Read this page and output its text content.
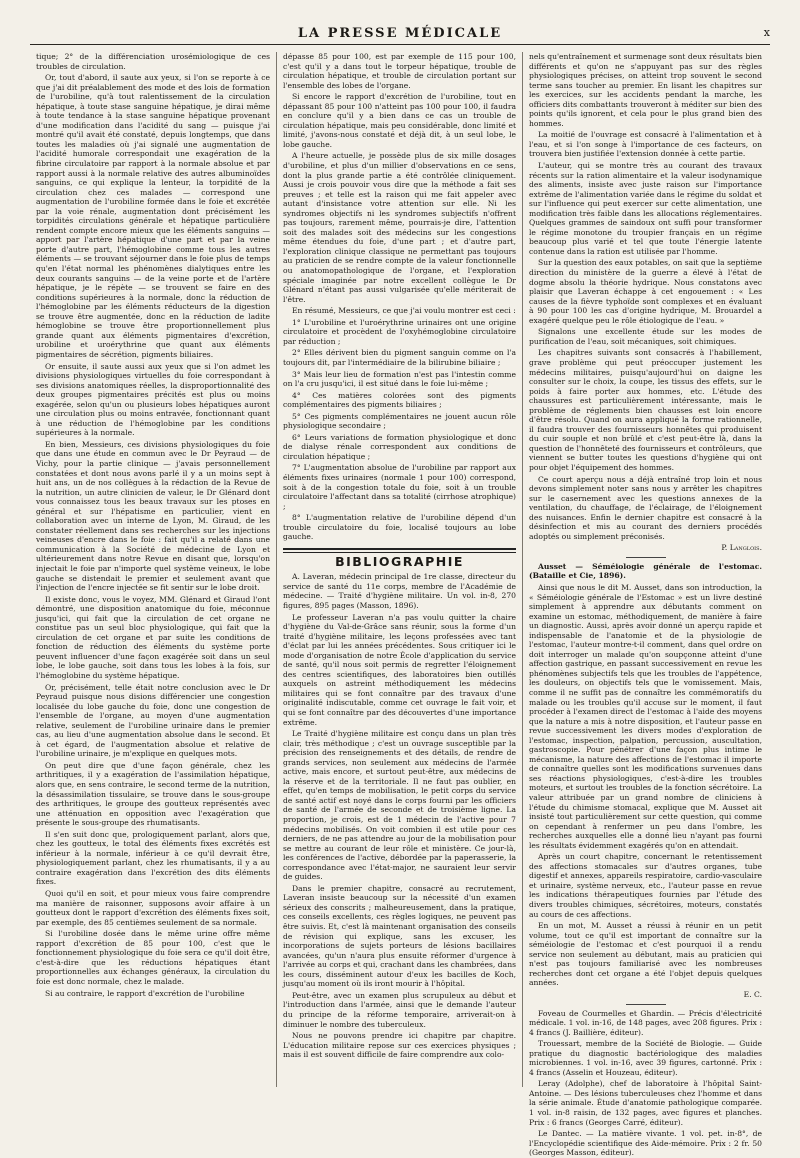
LA PRESSE MÉDICALE	x

tique; 2° de la différenciation urosémiologique de ces troubles de circulation.

Or, tout d'abord, il saute aux yeux, si l'on se reporte à ce que j'ai dit préalablement des mode et des lois de formation de l'urobiline, qu'à tout ralentissement de la circulation hépatique, à toute stase sanguine hépatique, je dirai même à toute tendance à la stase sanguine hépatique provenant d'une modification dans l'acidité du sang — puisque j'ai montré qu'il avait été constaté, depuis longtemps, que dans toutes les maladies où j'ai signalé une augmentation de l'acidité humorale correspondait une exagération de la fibrine circulatoire par rapport à la normale absolue et par rapport aussi à la normale relative des autres albuminoïdes sanguins, ce qui explique la lenteur, la torpidité de la circulation chez ces malades — correspond une augmentation de l'urobiline formée dans le foie et excrétée par la voie rénale, augmentation dont précisément les torpidités circulations générale et hépatique particulière rendent compte encore mieux que les éléments sanguins — apport par l'artère hépatique d'une part et par la veine porte d'autre part, l'hémoglobine comme tous les autres éléments — se trouvant séjourner dans le foie plus de temps qu'en l'état normal les phénomènes dialytiques entre les deux courants sanguins — de la veine porte et de l'artère hépatique, je le répète — se trouvent se faire en des conditions supérieures à la normale, donc la réduction de l'hémoglobine par les éléments réducteurs de la digestion se trouve être augmentée, donc en la réduction de ladite hémoglobine se trouve être proportionnellement plus grande quant aux éléments pigmentaires d'excrétion, urobiline et uroérythrine que quant aux éléments pigmentaires de sécrétion, pigments biliaires.

Or ensuite, il saute aussi aux yeux que si l'on admet les divisions physiologiques virtuelles du foie correspondant à ses divisions anatomiques réelles, la disproportionnalité des deux groupes pigmentaires précités est plus ou moins exagérée, selon qu'un ou plusieurs lobes hépatiques auront une circulation plus ou moins entravée, fonctionnant quant à une réduction de l'hémoglobine par les conditions supérieures à la normale.

En bien, Messieurs, ces divisions physiologiques du foie que dans une étude en commun avec le Dr Peyraud — de Vichy, pour la partie clinique — j'avais personnellement constatées et dont nous avons parlé il y a un moins sept à huit ans, un de nos collègues à la rédaction de la Revue de la nutrition, un autre clinicien de valeur, le Dr Glénard dont vous connaissez tous les beaux travaux sur les ptoses en général et sur l'hépatisme en particulier, vient en collaboration avec un interne de Lyon, M. Giraud, de les constater réellement dans ses recherches sur les injections veineuses d'encre dans le foie : fait qu'il a relaté dans une communication à la Société de médecine de Lyon et ultérieurement dans notre Revue en disant que, lorsqu'on injectait le foie par n'importe quel système veineux, le lobe gauche se distendait le premier et seulement avant que l'injection de l'encre injectée se fit sentir sur le lobe droit.

Il existe donc, vous le voyez, MM. Glénard et Giraud l'ont démontré, une disposition anatomique du foie, méconnue jusqu'ici, qui fait que la circulation de cet organe ne constitue pas un seul bloc physiologique, qui fait que la circulation de cet organe et par suite les conditions de fonction de réduction des éléments du système porte peuvent influencer d'une façon exagérée soit dans un seul lobe, le lobe gauche, soit dans tous les lobes à la fois, sur l'hémoglobine du système hépatique.

Or, précisément, telle était notre conclusion avec le Dr Peyraud puisque nous disions différencier une congestion localisée du lobe gauche du foie, donc une congestion de l'ensemble de l'organe, au moyen d'une augmentation relative, seulement de l'urobiline urinaire dans le premier cas, au lieu d'une augmentation absolue dans le second. Et à cet égard, de l'augmentation absolue et relative de l'urobiline urinaire, je m'explique en quelques mots.

On peut dire que d'une façon générale, chez les arthritiques, il y a exagération de l'assimilation hépatique, alors que, en sens contraire, le second terme de la nutrition, la désassimilation tissulaire, se trouve dans le sous-groupe des arthritiques, le groupe des goutteux représentés avec une atténuation en opposition avec l'exagération que présente le sous-groupe des rhumatisants.

Il s'en suit donc que, prologiquement parlant, alors que, chez les goutteux, le total des éléments fixes excrétés est inférieur à la normale, inférieur à ce qu'il devrait être, physiologiquement parlant, chez les rhumatisants, il y a au contraire exagération dans l'excrétion des dits éléments fixes.

Quoi qu'il en soit, et pour mieux vous faire comprendre ma manière de raisonner, supposons avoir affaire à un goutteux dont le rapport d'excrétion des éléments fixes soit, par exemple, des 85 centièmes seulement de sa normale.

Si l'urobiline dosée dans le même urine offre même rapport d'excrétion de 85 pour 100, c'est que le fonctionnement physiologique du foie sera ce qu'il doit être, c'est-à-dire que les réductions hépatiques étant proportionnelles aux échanges généraux, la circulation du foie est donc normale, chez le malade.

Si au contraire, le rapport d'excrétion de l'urobiline

dépasse 85 pour 100, est par exemple de 115 pour 100, c'est qu'il y a dans tout le torpeur hépatique, trouble de circulation hépatique, et trouble de circulation portant sur l'ensemble des lobes de l'organe.

Si encore le rapport d'excrétion de l'urobiline, tout en dépassant 85 pour 100 n'atteint pas 100 pour 100, il faudra en conclure qu'il y a bien dans ce cas un trouble de circulation hépatique, mais peu considérable, donc limité et limité, j'avons-nous constaté et déjà dit, à un seul lobe, le lobe gauche.

A l'heure actuelle, je possède plus de six mille dosages d'urobiline, et plus d'un millier d'observations en ce sens, dont la plus grande partie a été contrôlée cliniquement. Aussi je crois pouvoir vous dire que la méthode a fait ses preuves ; et telle est la raison qui me fait appeler avec autant d'insistance votre attention sur elle. Ni les syndromes objectifs ni les syndromes subjectifs n'offrent pas toujours, rarement même, pourrais-je dire, l'attention soit des malades soit des médecins sur les congestions même étendues du foie, d'une part ; et d'autre part, l'exploration clinique classique ne permettant pas toujours au praticien de se rendre compte de la valeur fonctionnelle ou anatomopathologique de l'organe, et l'exploration spéciale imaginée par notre excellent collègue le Dr Glénard n'étant pas aussi vulgarisée qu'elle mériterait de l'être.

En résumé, Messieurs, ce que j'ai voulu montrer est ceci :

1° L'urobiline et l'uroérythrine urinaires ont une origine circulatoire et procèdent de l'oxyhémoglobine circulatoire par réduction ;

2° Elles dérivent bien du pigment sanguin comme on l'a toujours dit, par l'intermédiaire de la bilirubine biliaire ;

3° Mais leur lieu de formation n'est pas l'intestin comme on l'a cru jusqu'ici, il est situé dans le foie lui-même ;

4° Ces matières colorées sont des pigments complémentaires des pigments biliaires ;

5° Ces pigments complémentaires ne jouent aucun rôle physiologique secondaire ;

6° Leurs variations de formation physiologique et donc de dialyse rénale correspondent aux conditions de circulation hépatique ;

7° L'augmentation absolue de l'urobiline par rapport aux éléments fixes urinaires (normale 1 pour 100) correspond, soit à de la congestion totale du foie, soit à un trouble circulatoire l'affectant dans sa totalité (cirrhose atrophique) ;

8° L'augmentation relative de l'urobiline dépend d'un trouble circulatoire du foie, localisé toujours au lobe gauche.

BIBLIOGRAPHIE

A. Laveran, médecin principal de 1re classe, directeur du service de santé du 11e corps, membre de l'Académie de médecine. — Traité d'hygiène militaire. Un vol. in-8, 270 figures, 895 pages (Masson, 1896).

Le professeur Laveran n'a pas voulu quitter la chaire d'hygiène du Val-de-Grâce sans réunir, sous la forme d'un traité d'hygiène militaire, les leçons professées avec tant d'éclat par lui les années précédentes. Sous critiquer ici le mode d'organisation de notre École d'application du service de santé, qu'il nous soit permis de regretter l'éloignement des centres scientifiques, des laboratoires bien outillés auxquels on astreint méthodiquement les médecins militaires qui se font connaître par des travaux d'une originalité indiscutable, comme cet ouvrage le fait voir, et qui se font connaître par des découvertes d'une importance extrême.

Le Traité d'hygiène militaire est conçu dans un plan très clair, très méthodique ; c'est un ouvrage susceptible par la précision des renseignements et des détails, de rendre de grands services, non seulement aux médecins de l'armée active, mais encore, et surtout peut-être, aux médecins de la réserve et de la territoriale. Il ne faut pas oublier, en effet, qu'en temps de mobilisation, le petit corps du service de santé actif est noyé dans le corps fourni par les officiers de santé de l'armée de seconde et de troisième ligne. La proportion, je crois, est de 1 médecin de l'active pour 7 médecins mobilisés. On voit combien il est utile pour ces derniers, de ne pas attendre au jour de la mobilisation pour se mettre au courant de leur rôle et ministère. Ce jour-là, les conférences de l'active, débordée par la paperasserie, la correspondance avec l'état-major, ne sauraient leur servir de guides.

Dans le premier chapitre, consacré au recrutement, Laveran insiste beaucoup sur la nécessité d'un examen sérieux des conscrits ; malheureusement, dans la pratique, ces conseils excellents, ces règles logiques, ne peuvent pas être suivis. Et, c'est là maintenant organisation des conseils de révision qui explique, sans les excuser, les incorporations de sujets porteurs de lésions bacillaires avancées, qu'un n'aura plus ensuite réformer d'urgence à l'arrivée au corps et qui, crachant dans les chambrées, dans les cours, disséminent autour d'eux les bacilles de Koch, jusqu'au moment où ils iront mourir à l'hôpital.

Peut-être, avec un examen plus scrupuleux au début et l'introduction dans l'armée, ainsi que le demande l'auteur du principe de la réforme temporaire, arriverait-on à diminuer le nombre des tuberculeux.

Nous ne pouvons prendre ici chapitre par chapitre. L'éducation militaire repose sur ces exercices physiques ; mais il est souvent difficile de faire comprendre aux colo-

nels qu'entraînement et surmenage sont deux résultats bien différents et qu'on ne s'appuyant pas sur des règles physiologiques précises, on atteint trop souvent le second terme sans toucher au premier. En lisant les chapitres sur les exercices, sur les accidents pendant la marche, les officiers dits combattants trouveront à méditer sur bien des points qu'ils ignorent, et cela pour le plus grand bien des hommes.

La moitié de l'ouvrage est consacré à l'alimentation et à l'eau, et si l'on songe à l'importance de ces facteurs, on trouvera bien justifiée l'extension donnée à cette partie.

L'auteur, qui se montre très au courant des travaux récents sur la ration alimentaire et la valeur isodynamique des aliments, insiste avec juste raison sur l'importance extrême de l'alimentation variée dans le régime du soldat et sur l'influence qui peut exercer sur cette alimentation, une modification très faible dans les allocations réglementaires. Quelques grammes de saindoux ont suffi pour transformer le régime monotone du troupier français en un régime beaucoup plus varié et tel que toute l'énergie latente contenue dans la ration est utilisée par l'homme.

Sur la question des eaux potables, on sait que la septième direction du ministère de la guerre a élevé à l'état de dogme absolu la théorie hydrique. Nous constatons avec plaisir que Laveran échappe à cet engouement : « Les causes de la fièvre typhoïde sont complexes et en évaluant à 90 pour 100 les cas d'origine hydrique, M. Brouardel a exagéré quelque peu le rôle étiologique de l'eau. »

Signalons une excellente étude sur les modes de purification de l'eau, soit mécaniques, soit chimiques.

Les chapitres suivants sont consacrés à l'habillement, grave problème qui peut préoccuper justement les médecins militaires, puisqu'aujourd'hui on daigne les consulter sur le choix, la coupe, les tissus des effets, sur le poids à faire porter aux hommes, etc. L'étude des chaussures est particulièrement intéressante, mais le problème de réglements bien chausses est loin encore d'être résolu. Quand on aura appliqué la forme rationnelle, il faudra trouver des fournisseurs honnêtes qui produisent du cuir souple et non brûlé et c'est peut-être là, dans la question de l'honnêteté des fournisseurs et contrôleurs, que viennent se butter toutes les questions d'hygiène qui ont pour objet l'équipement des hommes.

Ce court aperçu nous a déjà entraîné trop loin et nous devons simplement noter sans nous y arrêter les chapitres sur le casernement avec les questions annexes de la ventilation, du chauffage, de l'éclairage, de l'éloignement des nuisances. Enfin le dernier chapitre est consacré à la désinfection et mis au courant des derniers procédés adoptés ou simplement préconisés.

P. Langlois.

Ausset — Séméiologie générale de l'estomac. (Bataille et Cie, 1896).

Ainsi que nous le dit M. Ausset, dans son introduction, la « Séméiologie générale de l'Estomac » est un livre destiné simplement à apprendre aux débutants comment on examine un estomac, méthodiquement, de manière à faire un diagnostic. Aussi, après avoir donné un aperçu rapide et indispensable de l'anatomie et de la physiologie de l'estomac, l'auteur montre-t-il comment, dans quel ordre on doit interroger un malade qu'on soupçonne atteint d'une affection gastrique, en passant successivement en revue les phénomènes subjectifs tels que les troubles de l'appétence, les douleurs, on objectifs tels que le vomissement. Mais, comme il ne suffit pas de connaître les commémoratifs du malade ou les troubles qu'il accuse sur le moment, il faut procéder à l'examen direct de l'estomac à l'aide des moyens que la nature a mis à notre disposition, et l'auteur passe en revue successivement les divers modes d'exploration de l'estomac, inspection, palpation, percussion, auscultation, gastroscopie. Pour pénétrer d'une façon plus intime le mécanisme, la nature des affections de l'estomac il importe de connaître quelles sont les modifications survenues dans ses réactions physiologiques, c'est-à-dire les troubles moteurs, et surtout les troubles de la fonction sécrétoire. La valeur attribuée par un grand nombre de cliniciens à l'étude du chimisme stomacal, explique que M. Ausset ait insisté tout particulièrement sur cette question, qui comme on cependant à renfermer un peu dans l'ombre, les recherches auxquelles elle a donné lieu n'ayant pas fourni les résultats évidemment exagérés qu'on en attendait.

Après un court chapitre, concernant le retentissement des affections stomacales sur d'autres organes, tube digestif et annexes, appareils respiratoire, cardio-vasculaire et urinaire, système nerveux, etc., l'auteur passe en revue les indications thérapeutiques fournies par l'étude des divers troubles chimiques, sécrétoires, moteurs, constatés au cours de ces affections.

En un mot, M. Ausset a réussi à réunir en un petit volume, tout ce qu'il est important de connaître sur la séméiologie de l'estomac et c'est pourquoi il a rendu service non seulement au débutant, mais au praticien qui n'est pas toujours familiarisé avec les nombreuses recherches dont cet organe a été l'objet depuis quelques années.

E. C.

Foveau de Courmelles et Ghardin. — Précis d'électricité médicale. 1 vol. in-16, de 148 pages, avec 208 figures. Prix : 4 francs (J. Baillière, éditeur).

Trouessart, membre de la Société de Biologie. — Guide pratique du diagnostic bactériologique des maladies microbiennes. 1 vol. in-16, avec 39 figures, cartonné. Prix : 4 francs (Asselin et Houzeau, éditeur).

Leray (Adolphe), chef de laboratoire à l'hôpital Saint-Antoine. — Des lésions tuberculeuses chez l'homme et dans la série animale. Étude d'anatomie pathologique comparée. 1 vol. in-8 raisin, de 132 pages, avec figures et planches. Prix : 6 francs (Georges Carré, éditeur).

Le Dantec. — La matière vivante. 1 vol. pet. in-8°, de l'Encyclopédie scientifique des Aide-mémoire. Prix : 2 fr. 50 (Georges Masson, éditeur).
